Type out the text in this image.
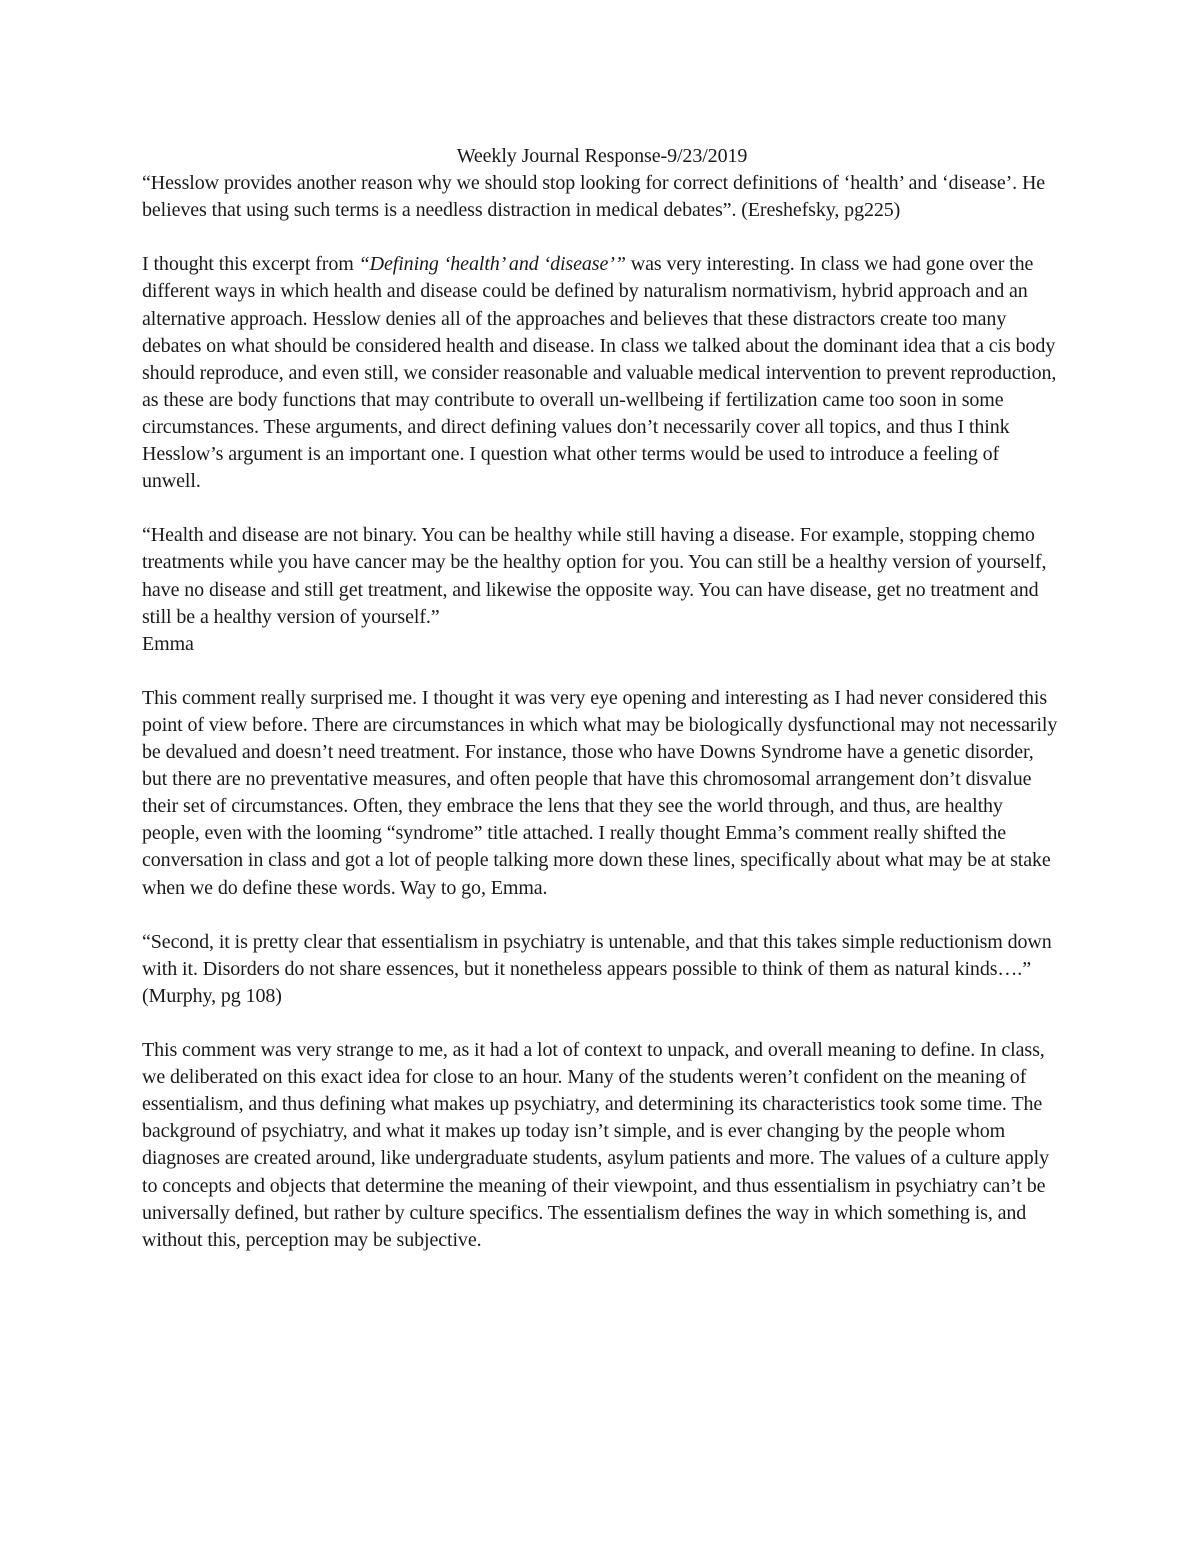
Weekly Journal Response-9/23/2019

“Hesslow provides another reason why we should stop looking for correct definitions of ‘health’ and ‘disease’. He believes that using such terms is a needless distraction in medical debates”. (Ereshefsky, pg225)

I thought this excerpt from “Defining ‘health’ and ‘disease’” was very interesting. In class we had gone over the different ways in which health and disease could be defined by naturalism normativism, hybrid approach and an alternative approach. Hesslow denies all of the approaches and believes that these distractors create too many debates on what should be considered health and disease. In class we talked about the dominant idea that a cis body should reproduce, and even still, we consider reasonable and valuable medical intervention to prevent reproduction, as these are body functions that may contribute to overall un-wellbeing if fertilization came too soon in some circumstances. These arguments, and direct defining values don’t necessarily cover all topics, and thus I think Hesslow’s argument is an important one. I question what other terms would be used to introduce a feeling of unwell.

“Health and disease are not binary. You can be healthy while still having a disease. For example, stopping chemo treatments while you have cancer may be the healthy option for you. You can still be a healthy version of yourself, have no disease and still get treatment, and likewise the opposite way. You can have disease, get no treatment and still be a healthy version of yourself.”
Emma

This comment really surprised me. I thought it was very eye opening and interesting as I had never considered this point of view before. There are circumstances in which what may be biologically dysfunctional may not necessarily be devalued and doesn’t need treatment. For instance, those who have Downs Syndrome have a genetic disorder, but there are no preventative measures, and often people that have this chromosomal arrangement don’t disvalue their set of circumstances. Often, they embrace the lens that they see the world through, and thus, are healthy people, even with the looming “syndrome” title attached. I really thought Emma’s comment really shifted the conversation in class and got a lot of people talking more down these lines, specifically about what may be at stake when we do define these words. Way to go, Emma.

“Second, it is pretty clear that essentialism in psychiatry is untenable, and that this takes simple reductionism down with it. Disorders do not share essences, but it nonetheless appears possible to think of them as natural kinds….” (Murphy, pg 108)

This comment was very strange to me, as it had a lot of context to unpack, and overall meaning to define. In class, we deliberated on this exact idea for close to an hour. Many of the students weren’t confident on the meaning of essentialism, and thus defining what makes up psychiatry, and determining its characteristics took some time. The background of psychiatry, and what it makes up today isn’t simple, and is ever changing by the people whom diagnoses are created around, like undergraduate students, asylum patients and more. The values of a culture apply to concepts and objects that determine the meaning of their viewpoint, and thus essentialism in psychiatry can’t be universally defined, but rather by culture specifics. The essentialism defines the way in which something is, and without this, perception may be subjective.
